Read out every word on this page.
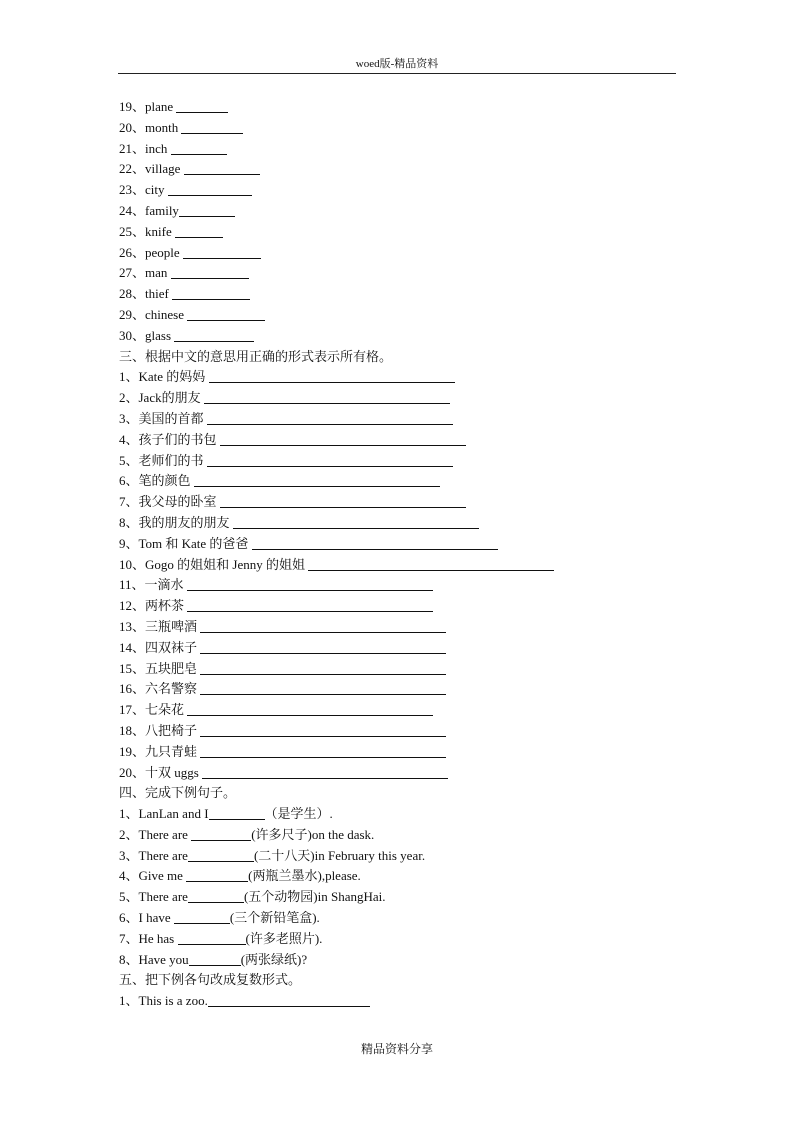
woed版-精品资料
19、plane
20、month
21、inch
22、village
23、city
24、family
25、knife
26、people
27、man
28、thief
29、chinese
30、glass
三、根据中文的意思用正确的形式表示所有格。
1、Kate 的妈妈
2、Jack的朋友
3、美国的首都
4、孩子们的书包
5、老师们的书
6、笔的颜色
7、我父母的卧室
8、我的朋友的朋友
9、Tom 和 Kate 的爸爸
10、Gogo 的姐姐和 Jenny 的姐姐
11、一滴水
12、两杯茶
13、三瓶啤酒
14、四双袜子
15、五块肥皂
16、六名警察
17、七朵花
18、八把椅子
19、九只青蛙
20、十双 uggs
四、完成下例句子。
1、LanLan and I	（是学生）.
2、There are	(许多尺子)on the dask.
3、There are	(二十八天)in February this year.
4、Give me	(两瓶兰墨水),please.
5、There are	(五个动物园)in ShangHai.
6、I have	(三个新铅笔盒).
7、He has	(许多老照片).
8、Have you	(两张绿纸)?
五、把下例各句改成复数形式。
1、This is a zoo.
精品资料分享
